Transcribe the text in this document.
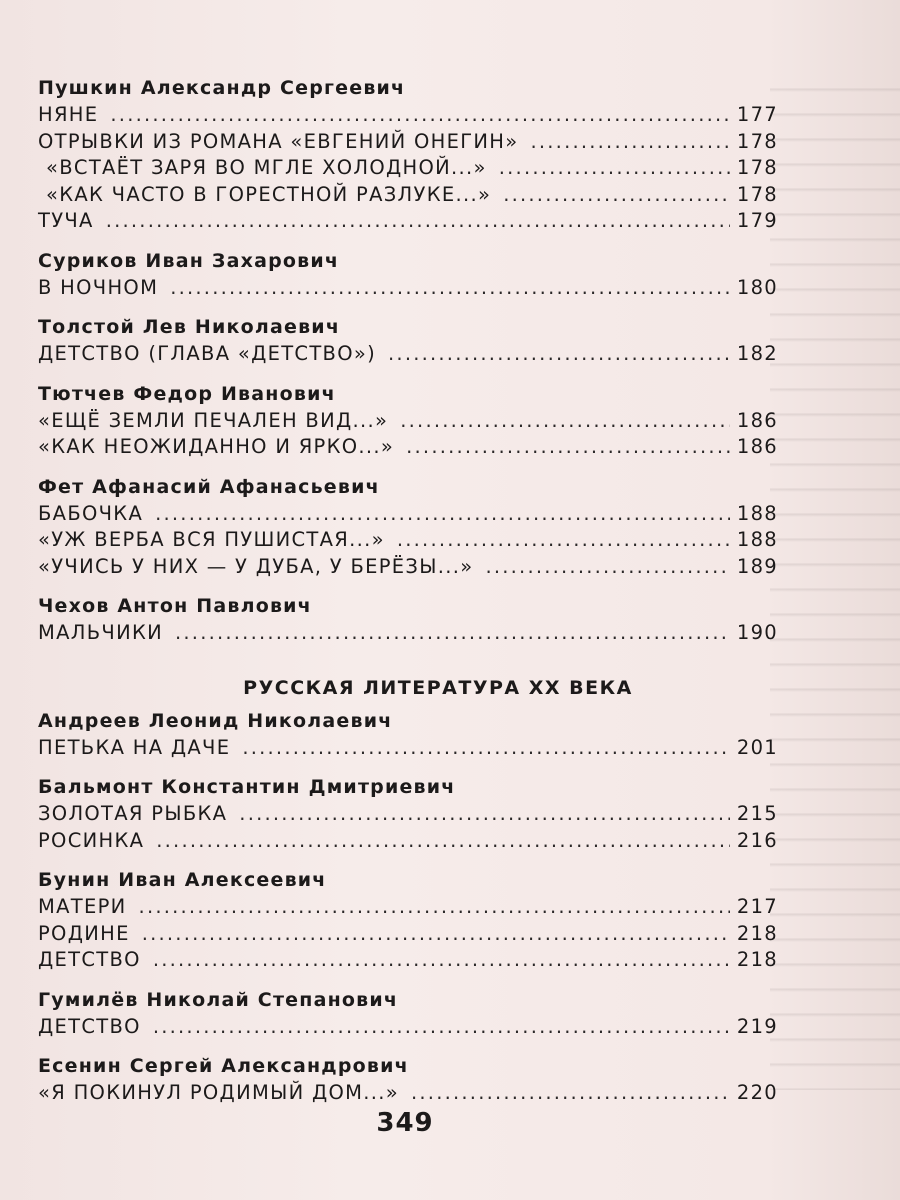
Пушкин Александр Сергеевич
НЯНЕ . . .	177
ОТРЫВКИ ИЗ РОМАНА «ЕВГЕНИЙ ОНЕГИН» . . .	178
«ВСТАЁТ ЗАРЯ ВО МГЛЕ ХОЛОДНОЙ...» . . .	178
«КАК ЧАСТО В ГОРЕСТНОЙ РАЗЛУКЕ...» . . .	178
ТУЧА . . .	179
Суриков Иван Захарович
В НОЧНОМ . . .	180
Толстой Лев Николаевич
ДЕТСТВО (ГЛАВА «ДЕТСТВО») . . .	182
Тютчев Федор Иванович
«ЕЩЁ ЗЕМЛИ ПЕЧАЛЕН ВИД...» . . .	186
«КАК НЕОЖИДАННО И ЯРКО...» . . .	186
Фет Афанасий Афанасьевич
БАБОЧКА . . .	188
«УЖ ВЕРБА ВСЯ ПУШИСТАЯ...» . . .	188
«УЧИСЬ У НИХ — У ДУБА, У БЕРЁЗЫ...» . . .	189
Чехов Антон Павлович
МАЛЬЧИКИ . . .	190
РУССКАЯ ЛИТЕРАТУРА XX ВЕКА
Андреев Леонид Николаевич
ПЕТЬКА НА ДАЧЕ . . .	201
Бальмонт Константин Дмитриевич
ЗОЛОТАЯ РЫБКА . . .	215
РОСИНКА . . .	216
Бунин Иван Алексеевич
МАТЕРИ . . .	217
РОДИНЕ . . .	218
ДЕТСТВО . . .	218
Гумилёв Николай Степанович
ДЕТСТВО . . .	219
Есенин Сергей Александрович
«Я ПОКИНУЛ РОДИМЫЙ ДОМ...» . . .	220
349
